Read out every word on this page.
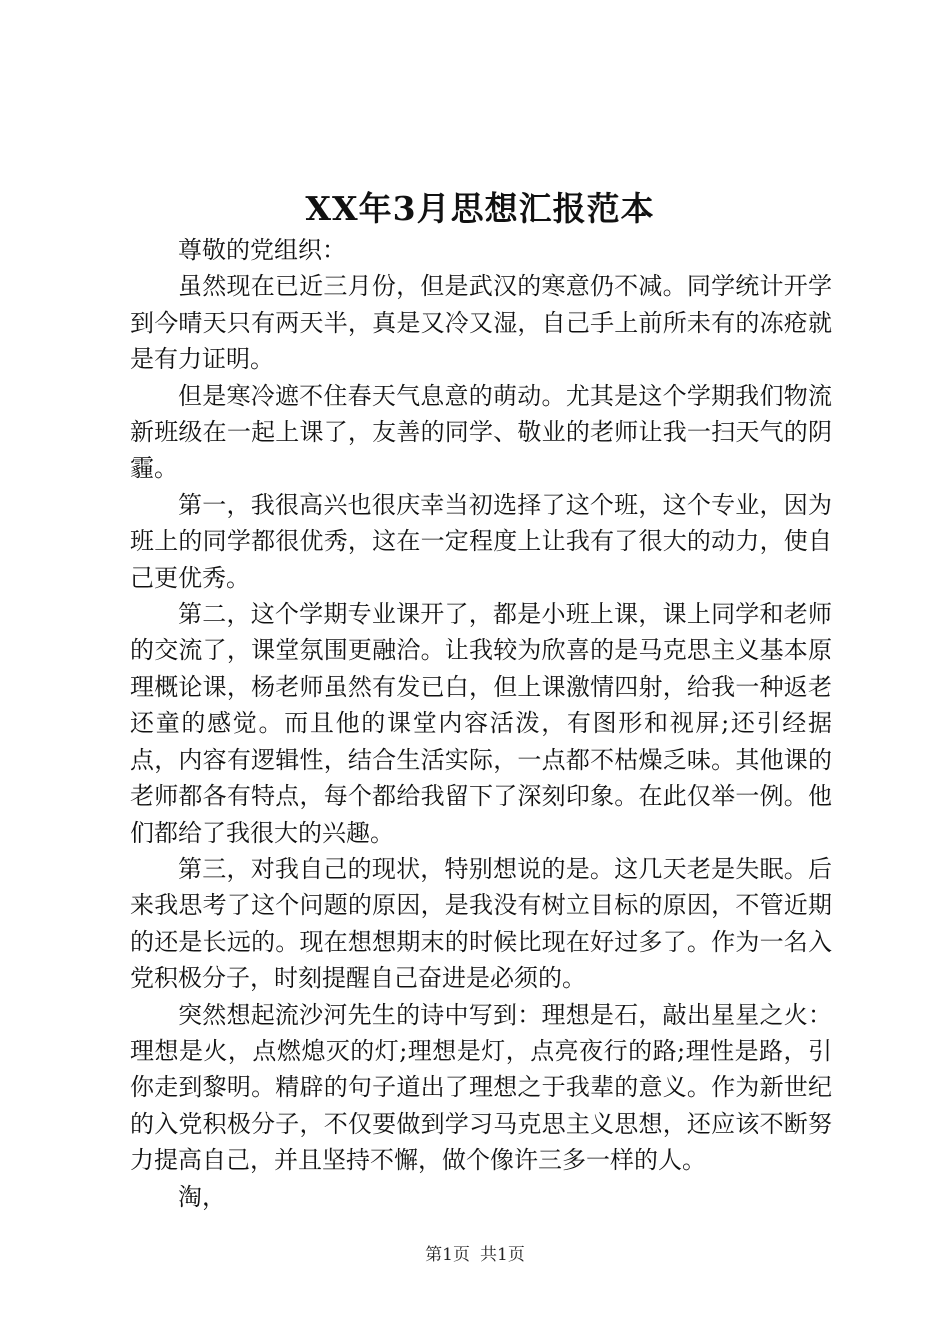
XX年3月思想汇报范本

尊敬的党组织：

虽然现在已近三月份，但是武汉的寒意仍不减。同学统计开学到今晴天只有两天半，真是又冷又湿，自己手上前所未有的冻疮就是有力证明。

但是寒冷遮不住春天气息意的萌动。尤其是这个学期我们物流新班级在一起上课了，友善的同学、敬业的老师让我一扫天气的阴霾。

第一，我很高兴也很庆幸当初选择了这个班，这个专业，因为班上的同学都很优秀，这在一定程度上让我有了很大的动力，使自己更优秀。

第二，这个学期专业课开了，都是小班上课，课上同学和老师的交流了，课堂氛围更融洽。让我较为欣喜的是马克思主义基本原理概论课，杨老师虽然有发已白，但上课激情四射，给我一种返老还童的感觉。而且他的课堂内容活泼，有图形和视屏;还引经据点，内容有逻辑性，结合生活实际，一点都不枯燥乏味。其他课的老师都各有特点，每个都给我留下了深刻印象。在此仅举一例。他们都给了我很大的兴趣。

第三，对我自己的现状，特别想说的是。这几天老是失眠。后来我思考了这个问题的原因，是我没有树立目标的原因，不管近期的还是长远的。现在想想期末的时候比现在好过多了。作为一名入党积极分子，时刻提醒自己奋进是必须的。

突然想起流沙河先生的诗中写到：理想是石，敲出星星之火：理想是火，点燃熄灭的灯;理想是灯，点亮夜行的路;理性是路，引你走到黎明。精辟的句子道出了理想之于我辈的意义。作为新世纪的入党积极分子，不仅要做到学习马克思主义思想，还应该不断努力提高自己，并且坚持不懈，做个像许三多一样的人。

淘，

第1页 共1页
